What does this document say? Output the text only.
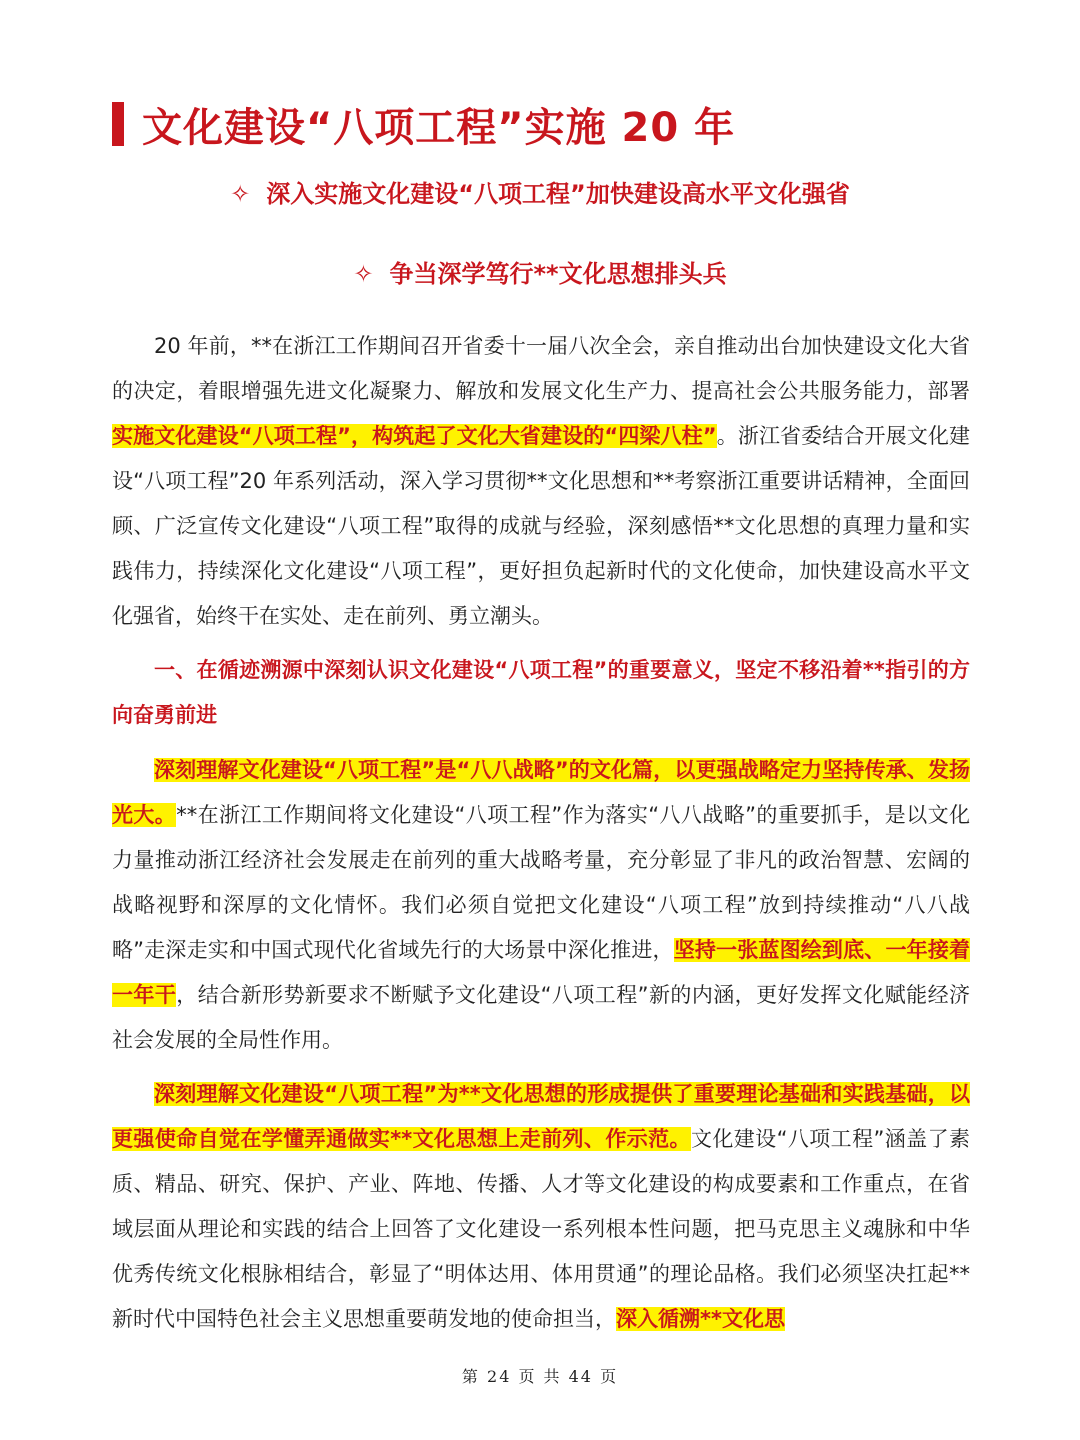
文化建设“八项工程”实施 20 年
✧ 深入实施文化建设“八项工程”加快建设高水平文化强省
✧ 争当深学笃行**文化思想排头兵

20 年前，**在浙江工作期间召开省委十一届八次全会，亲自推动出台加快建设文化大省的决定，着眼增强先进文化凝聚力、解放和发展文化生产力、提高社会公共服务能力，部署实施文化建设“八项工程”，构筑起了文化大省建设的“四梁八柱”。浙江省委结合开展文化建设“八项工程”20 年系列活动，深入学习贯彻**文化思想和**考察浙江重要讲话精神，全面回顾、广泛宣传文化建设“八项工程”取得的成就与经验，深刻感悟**文化思想的真理力量和实践伟力，持续深化文化建设“八项工程”，更好担负起新时代的文化使命，加快建设高水平文化强省，始终干在实处、走在前列、勇立潮头。

一、在循迹溯源中深刻认识文化建设“八项工程”的重要意义，坚定不移沿着**指引的方向奋勇前进

深刻理解文化建设“八项工程”是“八八战略”的文化篇，以更强战略定力坚持传承、发扬光大。**在浙江工作期间将文化建设“八项工程”作为落实“八八战略”的重要抓手，是以文化力量推动浙江经济社会发展走在前列的重大战略考量，充分彰显了非凡的政治智慧、宏阔的战略视野和深厚的文化情怀。我们必须自觉把文化建设“八项工程”放到持续推动“八八战略”走深走实和中国式现代化省域先行的大场景中深化推进，坚持一张蓝图绘到底、一年接着一年干，结合新形势新要求不断赋予文化建设“八项工程”新的内涵，更好发挥文化赋能经济社会发展的全局性作用。

深刻理解文化建设“八项工程”为**文化思想的形成提供了重要理论基础和实践基础，以更强使命自觉在学懂弄通做实**文化思想上走前列、作示范。文化建设“八项工程”涵盖了素质、精品、研究、保护、产业、阵地、传播、人才等文化建设的构成要素和工作重点，在省域层面从理论和实践的结合上回答了文化建设一系列根本性问题，把马克思主义魂脉和中华优秀传统文化根脉相结合，彰显了“明体达用、体用贯通”的理论品格。我们必须坚决扛起**新时代中国特色社会主义思想重要萌发地的使命担当，深入循溯**文化思

第 24 页 共 44 页
